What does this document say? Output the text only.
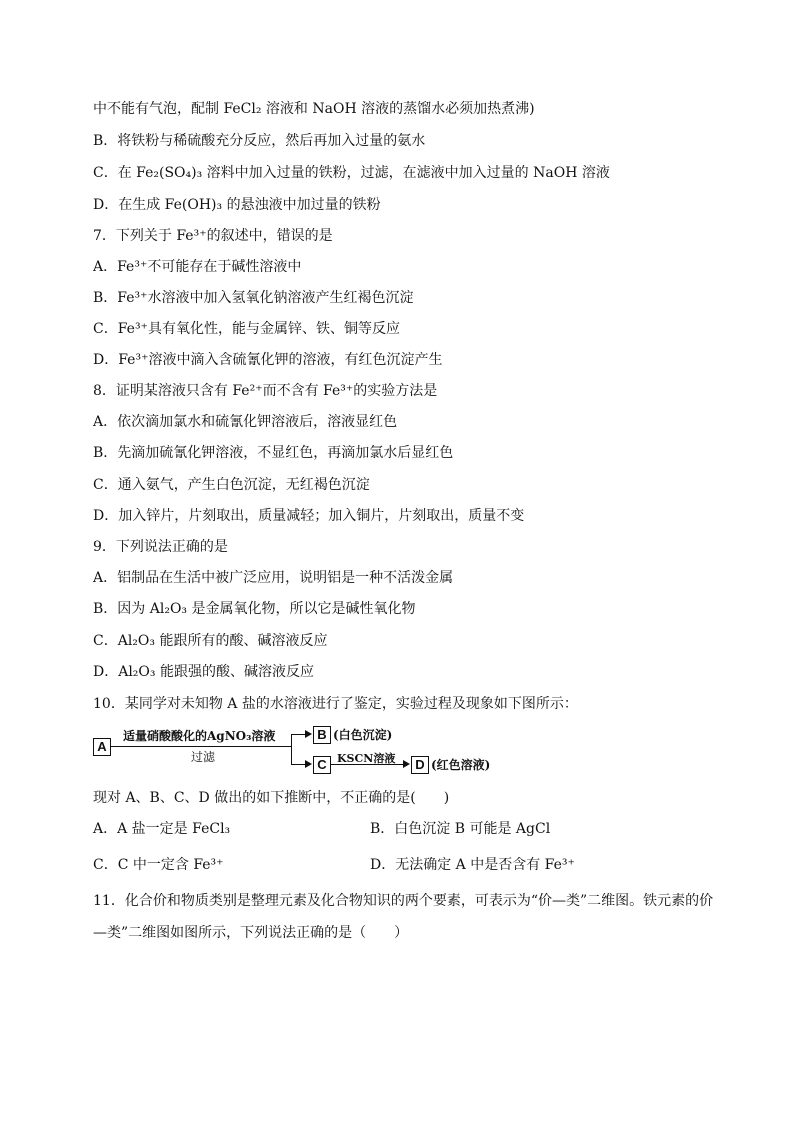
中不能有气泡，配制 FeCl₂ 溶液和 NaOH 溶液的蒸馏水必须加热煮沸)
B．将铁粉与稀硫酸充分反应，然后再加入过量的氨水
C．在 Fe₂(SO₄)₃ 溶料中加入过量的铁粉，过滤，在滤液中加入过量的 NaOH 溶液
D．在生成 Fe(OH)₃ 的悬浊液中加过量的铁粉
7．下列关于 Fe³⁺的叙述中，错误的是
A．Fe³⁺不可能存在于碱性溶液中
B．Fe³⁺水溶液中加入氢氧化钠溶液产生红褐色沉淀
C．Fe³⁺具有氧化性，能与金属锌、铁、铜等反应
D．Fe³⁺溶液中滴入含硫氰化钾的溶液，有红色沉淀产生
8．证明某溶液只含有 Fe²⁺而不含有 Fe³⁺的实验方法是
A．依次滴加氯水和硫氰化钾溶液后，溶液显红色
B．先滴加硫氰化钾溶液，不显红色，再滴加氯水后显红色
C．通入氨气，产生白色沉淀，无红褐色沉淀
D．加入锌片，片刻取出，质量减轻；加入铜片，片刻取出，质量不变
9．下列说法正确的是
A．铝制品在生活中被广泛应用，说明铝是一种不活泼金属
B．因为 Al₂O₃ 是金属氧化物，所以它是碱性氧化物
C．Al₂O₃ 能跟所有的酸、碱溶液反应
D．Al₂O₃ 能跟强的酸、碱溶液反应
10．某同学对未知物 A 盐的水溶液进行了鉴定，实验过程及现象如下图所示：
A
适量硝酸酸化的AgNO₃溶液
过滤
B (白色沉淀)
C KSCN溶液	D (红色溶液)
现对 A、B、C、D 做出的如下推断中，不正确的是(　　)
A．A 盐一定是 FeCl₃	B．白色沉淀 B 可能是 AgCl
C．C 中一定含 Fe³⁺	D．无法确定 A 中是否含有 Fe³⁺
11．化合价和物质类别是整理元素及化合物知识的两个要素，可表示为“价—类”二维图。铁元素的价
—类”二维图如图所示，下列说法正确的是（　　）
